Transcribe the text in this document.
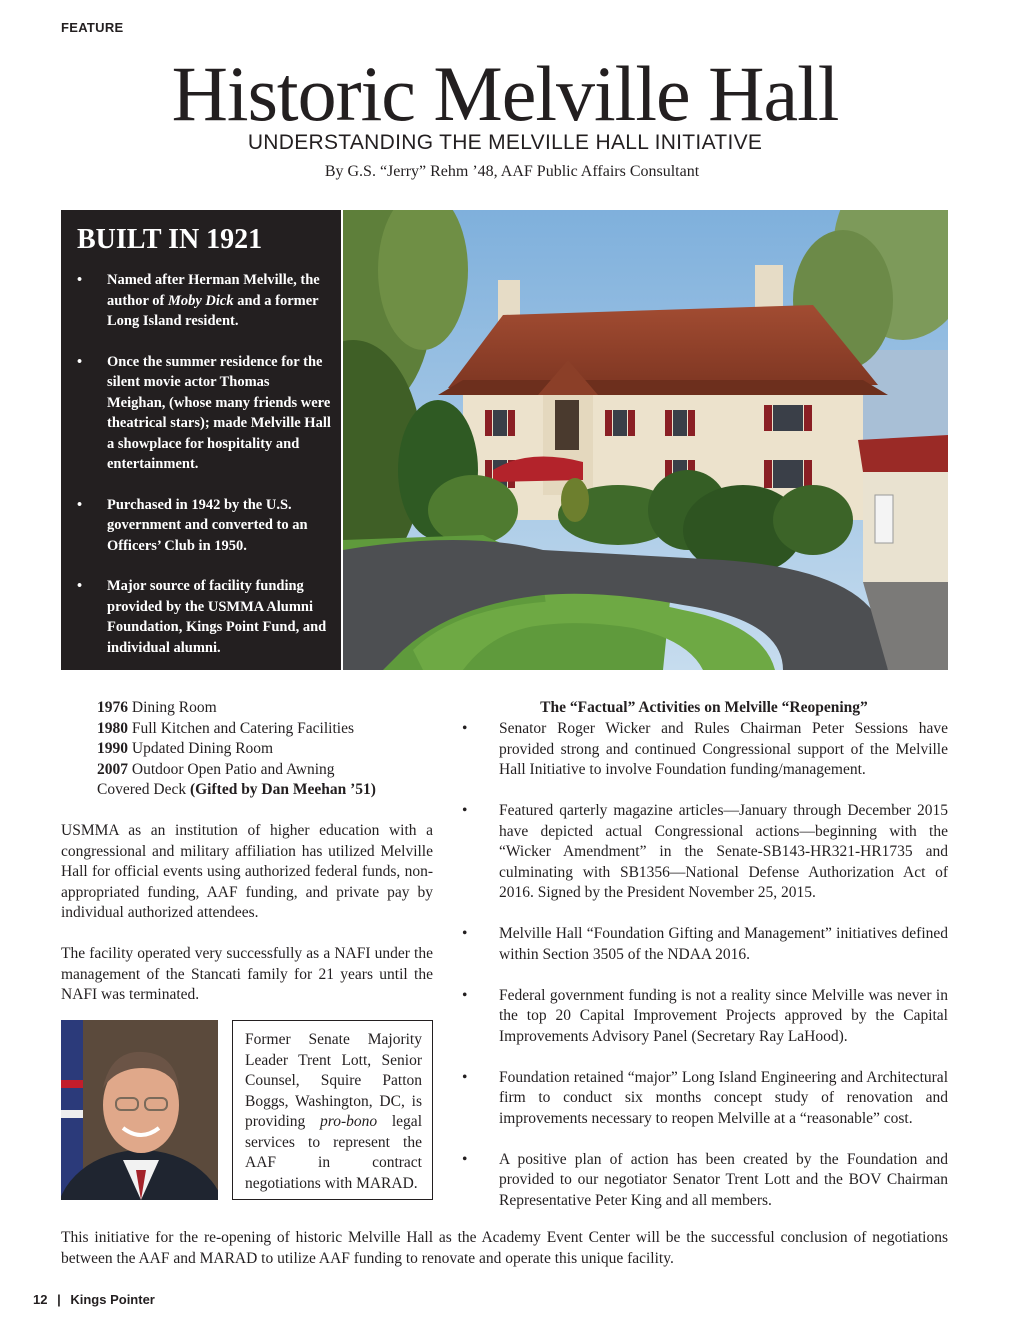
FEATURE
Historic Melville Hall
UNDERSTANDING THE MELVILLE HALL INITIATIVE
By G.S. “Jerry” Rehm ’48, AAF Public Affairs Consultant
BUILT IN 1921
• Named after Herman Melville, the author of Moby Dick and a former Long Island resident.
• Once the summer residence for the silent movie actor Thomas Meighan, (whose many friends were theatrical stars); made Melville Hall a showplace for hospitality and entertainment.
• Purchased in 1942 by the U.S. government and converted to an Officers’ Club in 1950.
• Major source of facility funding provided by the USMMA Alumni Foundation, Kings Point Fund, and individual alumni.
1976 Dining Room
1980 Full Kitchen and Catering Facilities
1990 Updated Dining Room
2007 Outdoor Open Patio and Awning
Covered Deck (Gifted by Dan Meehan ’51)
USMMA as an institution of higher education with a congressional and military affiliation has utilized Melville Hall for official events using authorized federal funds, non-appropriated funding, AAF funding, and private pay by individual authorized attendees.
The facility operated very successfully as a NAFI under the management of the Stancati family for 21 years until the NAFI was terminated.
Former Senate Majority Leader Trent Lott, Senior Counsel, Squire Patton Boggs, Washington, DC, is providing pro-bono legal services to represent the AAF in contract negotiations with MARAD.
The “Factual” Activities on Melville “Reopening”
• Senator Roger Wicker and Rules Chairman Peter Sessions have provided strong and continued Congressional support of the Melville Hall Initiative to involve Foundation funding/management.
• Featured qarterly magazine articles—January through December 2015 have depicted actual Congressional actions—beginning with the “Wicker Amendment” in the Senate-SB143-HR321-HR1735 and culminating with SB1356—National Defense Authorization Act of 2016. Signed by the President November 25, 2015.
• Melville Hall “Foundation Gifting and Management” initiatives defined within Section 3505 of the NDAA 2016.
• Federal government funding is not a reality since Melville was never in the top 20 Capital Improvement Projects approved by the Capital Improvements Advisory Panel (Secretary Ray LaHood).
• Foundation retained “major” Long Island Engineering and Architectural firm to conduct six months concept study of renovation and improvements necessary to reopen Melville at a “reasonable” cost.
• A positive plan of action has been created by the Foundation and provided to our negotiator Senator Trent Lott and the BOV Chairman Representative Peter King and all members.
This initiative for the re-opening of historic Melville Hall as the Academy Event Center will be the successful conclusion of negotiations between the AAF and MARAD to utilize AAF funding to renovate and operate this unique facility.
12 | Kings Pointer
